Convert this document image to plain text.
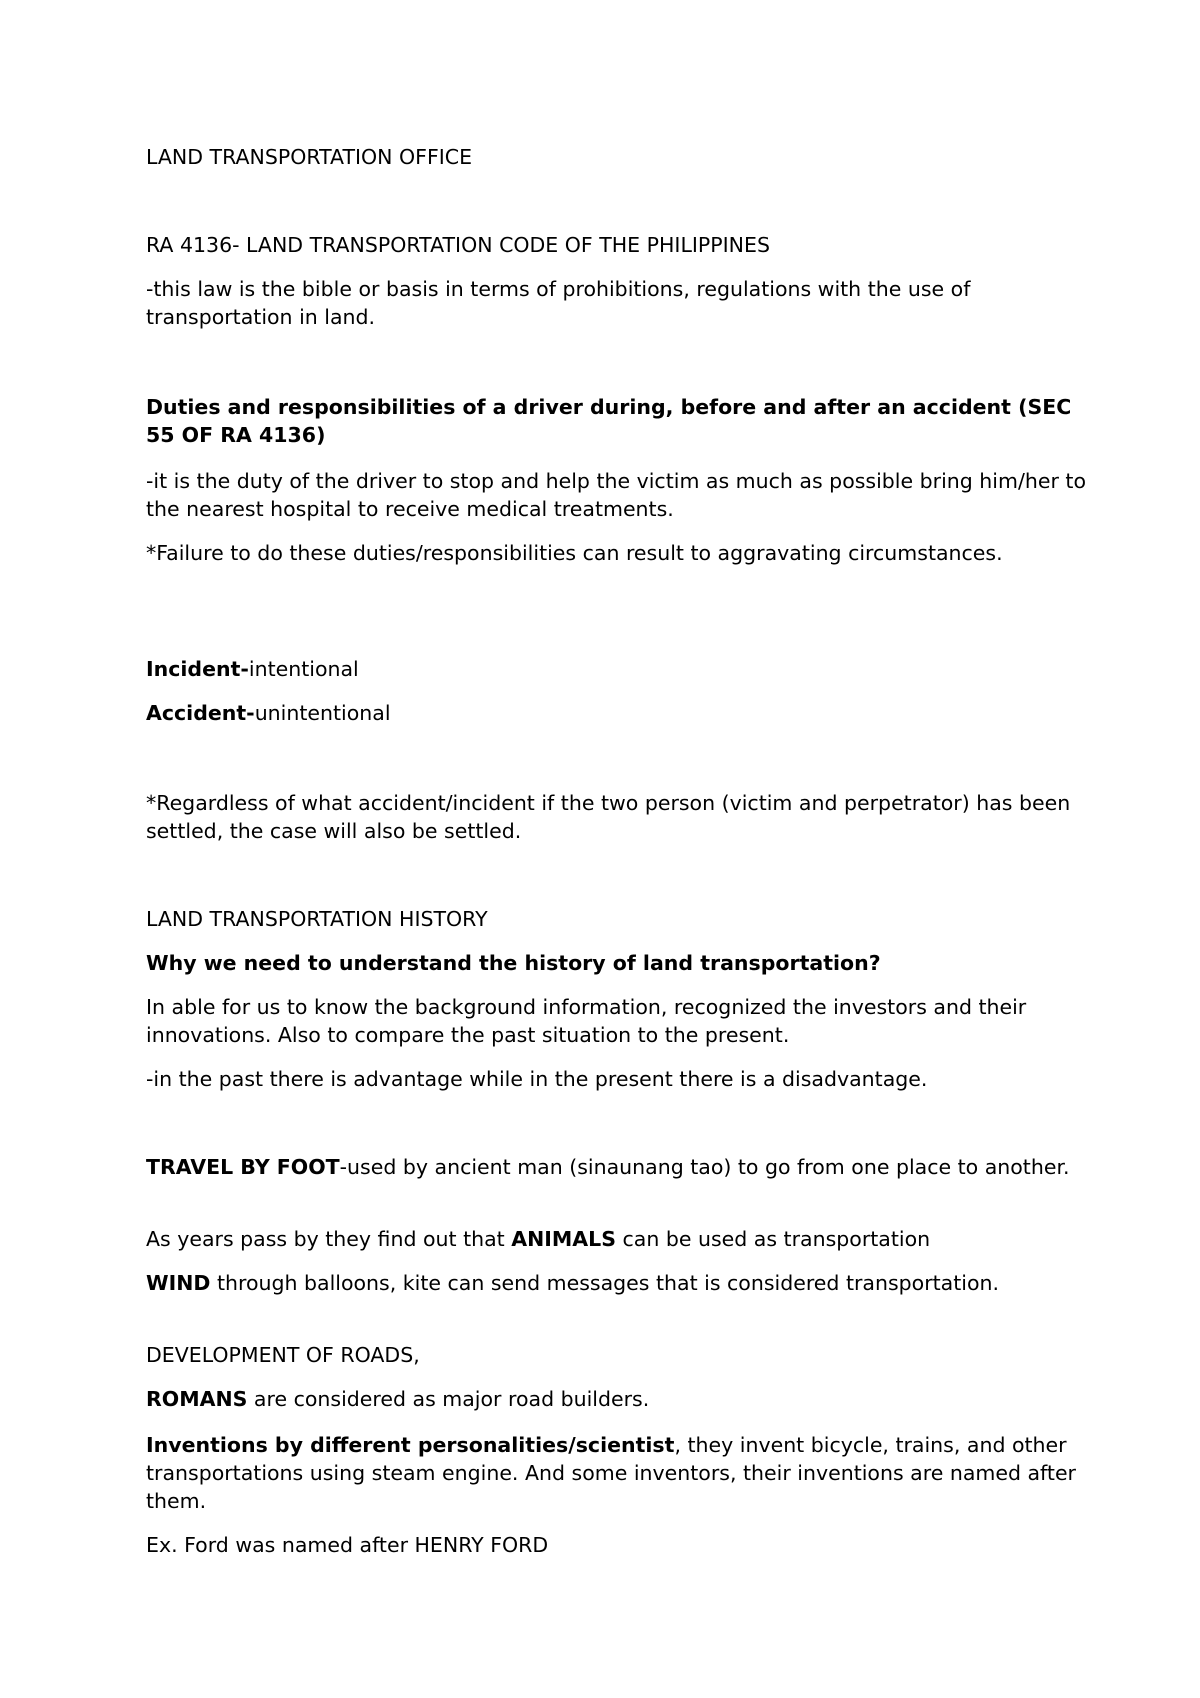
LAND TRANSPORTATION OFFICE

RA 4136- LAND TRANSPORTATION CODE OF THE PHILIPPINES

-this law is the bible or basis in terms of prohibitions, regulations with the use of transportation in land.

Duties and responsibilities of a driver during, before and after an accident (SEC 55 OF RA 4136)

-it is the duty of the driver to stop and help the victim as much as possible bring him/her to the nearest hospital to receive medical treatments.

*Failure to do these duties/responsibilities can result to aggravating circumstances.

Incident-intentional

Accident-unintentional

*Regardless of what accident/incident if the two person (victim and perpetrator) has been settled, the case will also be settled.

LAND TRANSPORTATION HISTORY

Why we need to understand the history of land transportation?

In able for us to know the background information, recognized the investors and their innovations. Also to compare the past situation to the present.

-in the past there is advantage while in the present there is a disadvantage.

TRAVEL BY FOOT-used by ancient man (sinaunang tao) to go from one place to another.

As years pass by they find out that ANIMALS can be used as transportation

WIND through balloons, kite can send messages that is considered transportation.

DEVELOPMENT OF ROADS,

ROMANS are considered as major road builders.

Inventions by different personalities/scientist, they invent bicycle, trains, and other transportations using steam engine. And some inventors, their inventions are named after them.

Ex. Ford was named after HENRY FORD
